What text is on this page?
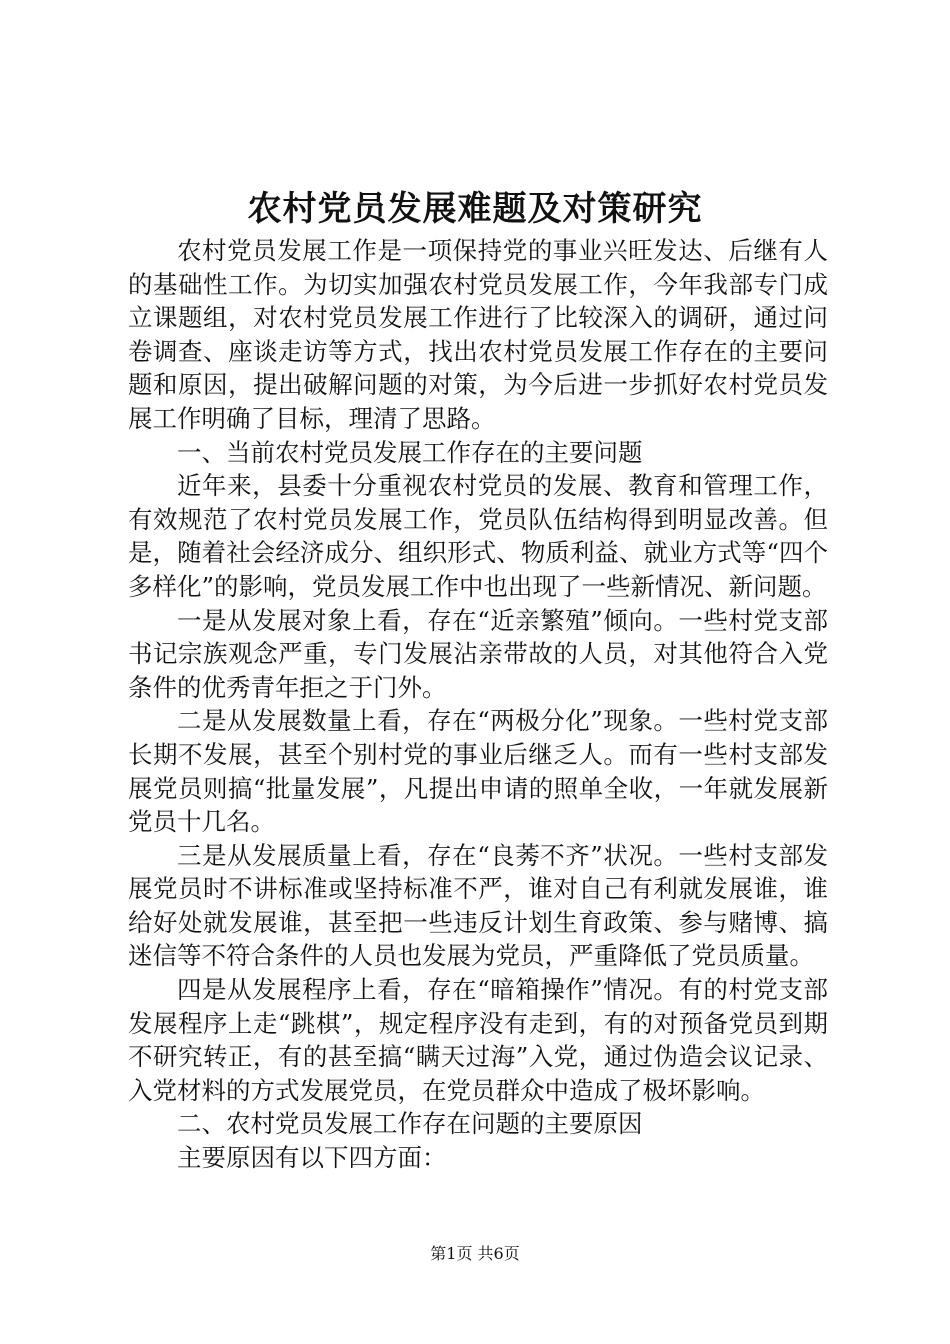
农村党员发展难题及对策研究

农村党员发展工作是一项保持党的事业兴旺发达、后继有人的基础性工作。为切实加强农村党员发展工作，今年我部专门成立课题组，对农村党员发展工作进行了比较深入的调研，通过问卷调查、座谈走访等方式，找出农村党员发展工作存在的主要问题和原因，提出破解问题的对策，为今后进一步抓好农村党员发展工作明确了目标，理清了思路。

一、当前农村党员发展工作存在的主要问题

近年来，县委十分重视农村党员的发展、教育和管理工作，有效规范了农村党员发展工作，党员队伍结构得到明显改善。但是，随着社会经济成分、组织形式、物质利益、就业方式等“四个多样化”的影响，党员发展工作中也出现了一些新情况、新问题。

一是从发展对象上看，存在“近亲繁殖”倾向。一些村党支部书记宗族观念严重，专门发展沾亲带故的人员，对其他符合入党条件的优秀青年拒之于门外。

二是从发展数量上看，存在“两极分化”现象。一些村党支部长期不发展，甚至个别村党的事业后继乏人。而有一些村支部发展党员则搞“批量发展”，凡提出申请的照单全收，一年就发展新党员十几名。

三是从发展质量上看，存在“良莠不齐”状况。一些村支部发展党员时不讲标准或坚持标准不严，谁对自己有利就发展谁，谁给好处就发展谁，甚至把一些违反计划生育政策、参与赌博、搞迷信等不符合条件的人员也发展为党员，严重降低了党员质量。

四是从发展程序上看，存在“暗箱操作”情况。有的村党支部发展程序上走“跳棋”，规定程序没有走到，有的对预备党员到期不研究转正，有的甚至搞“瞒天过海”入党，通过伪造会议记录、入党材料的方式发展党员，在党员群众中造成了极坏影响。

二、农村党员发展工作存在问题的主要原因

主要原因有以下四方面：

第1页 共6页
